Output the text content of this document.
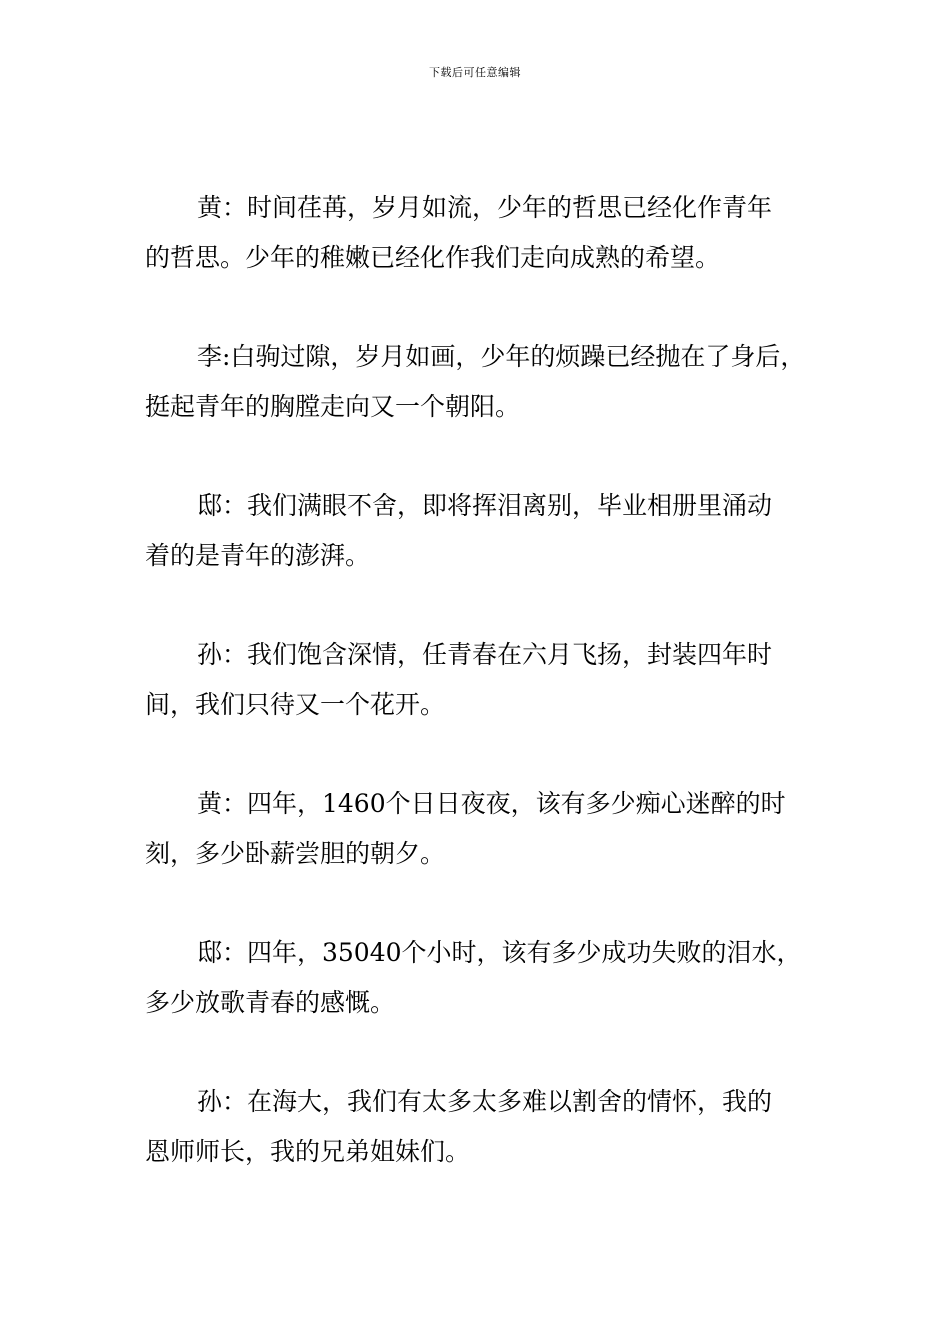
下载后可任意编辑

黄：时间荏苒，岁月如流，少年的哲思已经化作青年
的哲思。少年的稚嫩已经化作我们走向成熟的希望。

李:白驹过隙，岁月如画，少年的烦躁已经抛在了身后，
挺起青年的胸膛走向又一个朝阳。

邸：我们满眼不舍，即将挥泪离别，毕业相册里涌动
着的是青年的澎湃。

孙：我们饱含深情，任青春在六月飞扬，封装四年时
间，我们只待又一个花开。

黄：四年，1460个日日夜夜，该有多少痴心迷醉的时
刻，多少卧薪尝胆的朝夕。

邸：四年，35040个小时，该有多少成功失败的泪水，
多少放歌青春的感慨。

孙：在海大，我们有太多太多难以割舍的情怀，我的
恩师师长，我的兄弟姐妹们。
